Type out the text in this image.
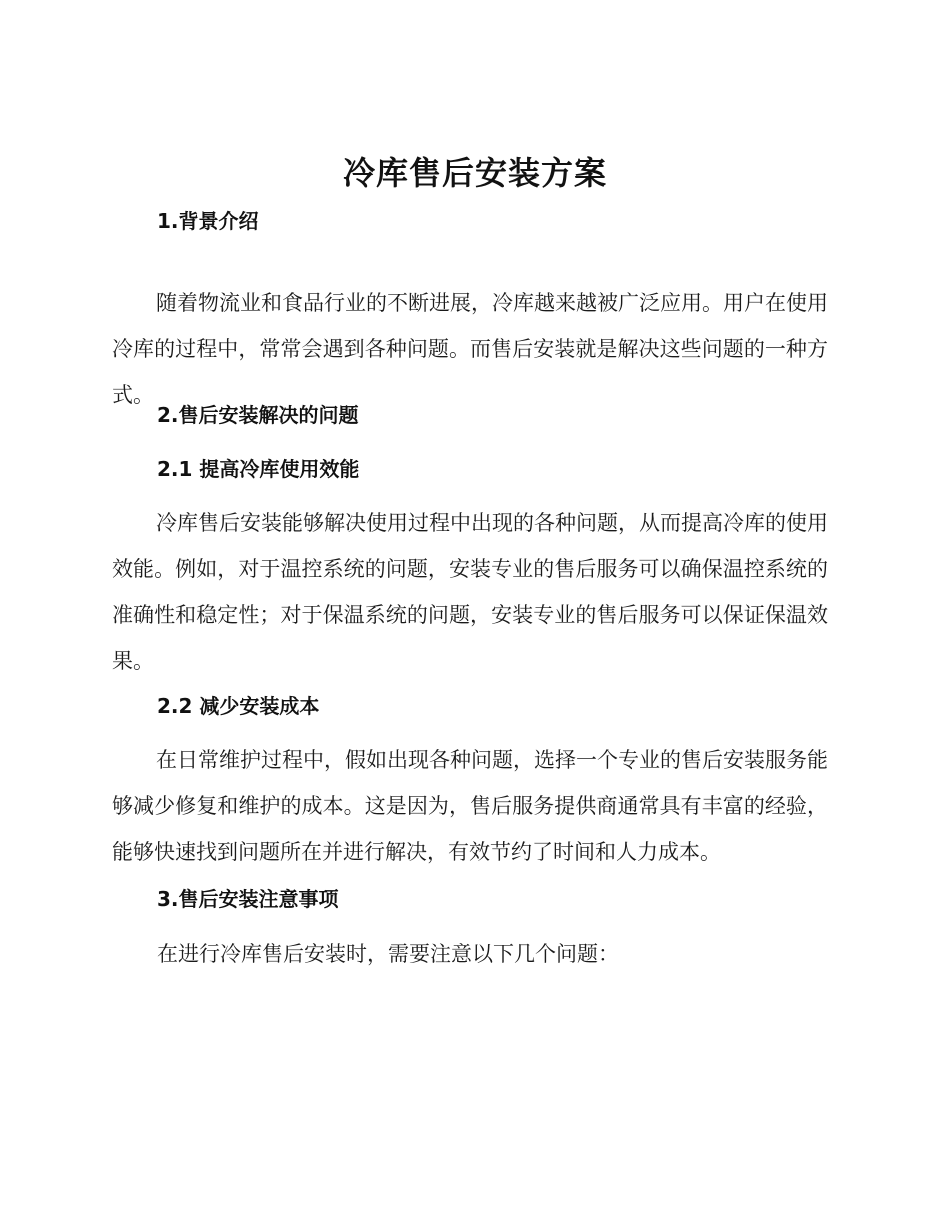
冷库售后安装方案
1.背景介绍
随着物流业和食品行业的不断进展，冷库越来越被广泛应用。用户在使用冷库的过程中，常常会遇到各种问题。而售后安装就是解决这些问题的一种方式。
2.售后安装解决的问题
2.1 提高冷库使用效能
冷库售后安装能够解决使用过程中出现的各种问题，从而提高冷库的使用效能。例如，对于温控系统的问题，安装专业的售后服务可以确保温控系统的准确性和稳定性；对于保温系统的问题，安装专业的售后服务可以保证保温效果。
2.2 减少安装成本
在日常维护过程中，假如出现各种问题，选择一个专业的售后安装服务能够减少修复和维护的成本。这是因为，售后服务提供商通常具有丰富的经验，能够快速找到问题所在并进行解决，有效节约了时间和人力成本。
3.售后安装注意事项
在进行冷库售后安装时，需要注意以下几个问题：
